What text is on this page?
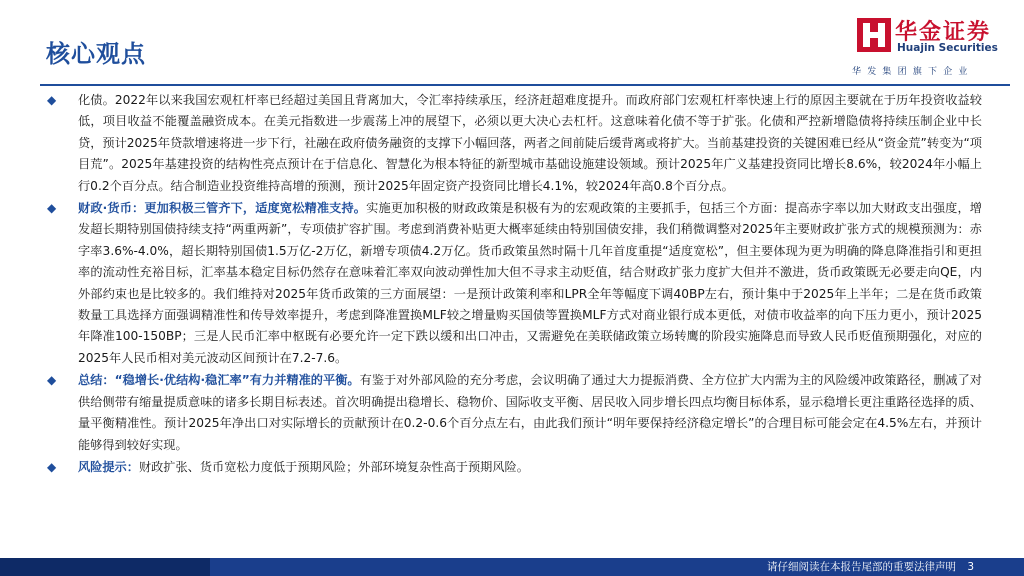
核心观点
华金证券
Huajin Securities
华发集团旗下企业
◆	化债。2022年以来我国宏观杠杆率已经超过美国且背离加大，令汇率持续承压，经济赶超难度提升。而政府部门宏观杠杆率快速上行的原因主要就在于历年投资收益较低，项目收益不能覆盖融资成本。在美元指数进一步震荡上冲的展望下，必须以更大决心去杠杆。这意味着化债不等于扩张。化债和严控新增隐债将持续压制企业中长贷，预计2025年贷款增速将进一步下行，社融在政府债务融资的支撑下小幅回落，两者之间前陡后缓背离或将扩大。当前基建投资的关键困难已经从“资金荒”转变为“项目荒”。2025年基建投资的结构性亮点预计在于信息化、智慧化为根本特征的新型城市基础设施建设领域。预计2025年广义基建投资同比增长8.6%，较2024年小幅上行0.2个百分点。结合制造业投资维持高增的预测，预计2025年固定资产投资同比增长4.1%，较2024年高0.8个百分点。
◆	财政·货币：更加积极三管齐下，适度宽松精准支持。实施更加积极的财政政策是积极有为的宏观政策的主要抓手，包括三个方面：提高赤字率以加大财政支出强度，增发超长期特别国债持续支持“两重两新”，专项债扩容扩围。考虑到消费补贴更大概率延续由特别国债安排，我们稍微调整对2025年主要财政扩张方式的规模预测为：赤字率3.6%-4.0%，超长期特别国债1.5万亿-2万亿，新增专项债4.2万亿。货币政策虽然时隔十几年首度重提“适度宽松”，但主要体现为更为明确的降息降准指引和更担率的流动性充裕目标，汇率基本稳定目标仍然存在意味着汇率双向波动弹性加大但不寻求主动贬值，结合财政扩张力度扩大但并不激进，货币政策既无必要走向QE，内外部约束也是比较多的。我们维持对2025年货币政策的三方面展望：一是预计政策利率和LPR全年等幅度下调40BP左右，预计集中于2025年上半年；二是在货币政策数量工具选择方面强调精准性和传导效率提升，考虑到降准置换MLF较之增量购买国债等置换MLF方式对商业银行成本更低，对债市收益率的向下压力更小，预计2025年降准100-150BP；三是人民币汇率中枢既有必要允许一定下跌以缓和出口冲击，又需避免在美联储政策立场转鹰的阶段实施降息而导致人民币贬值预期强化，对应的2025年人民币相对美元波动区间预计在7.2-7.6。
◆	总结：“稳增长·优结构·稳汇率”有力并精准的平衡。有鉴于对外部风险的充分考虑，会议明确了通过大力提振消费、全方位扩大内需为主的风险缓冲政策路径，删减了对供给侧带有缩量提质意味的诸多长期目标表述。首次明确提出稳增长、稳物价、国际收支平衡、居民收入同步增长四点均衡目标体系，显示稳增长更注重路径选择的质、量平衡精准性。预计2025年净出口对实际增长的贡献预计在0.2-0.6个百分点左右，由此我们预计“明年要保持经济稳定增长”的合理目标可能会定在4.5%左右，并预计能够得到较好实现。
◆	风险提示：财政扩张、货币宽松力度低于预期风险；外部环境复杂性高于预期风险。
请仔细阅读在本报告尾部的重要法律声明 3
